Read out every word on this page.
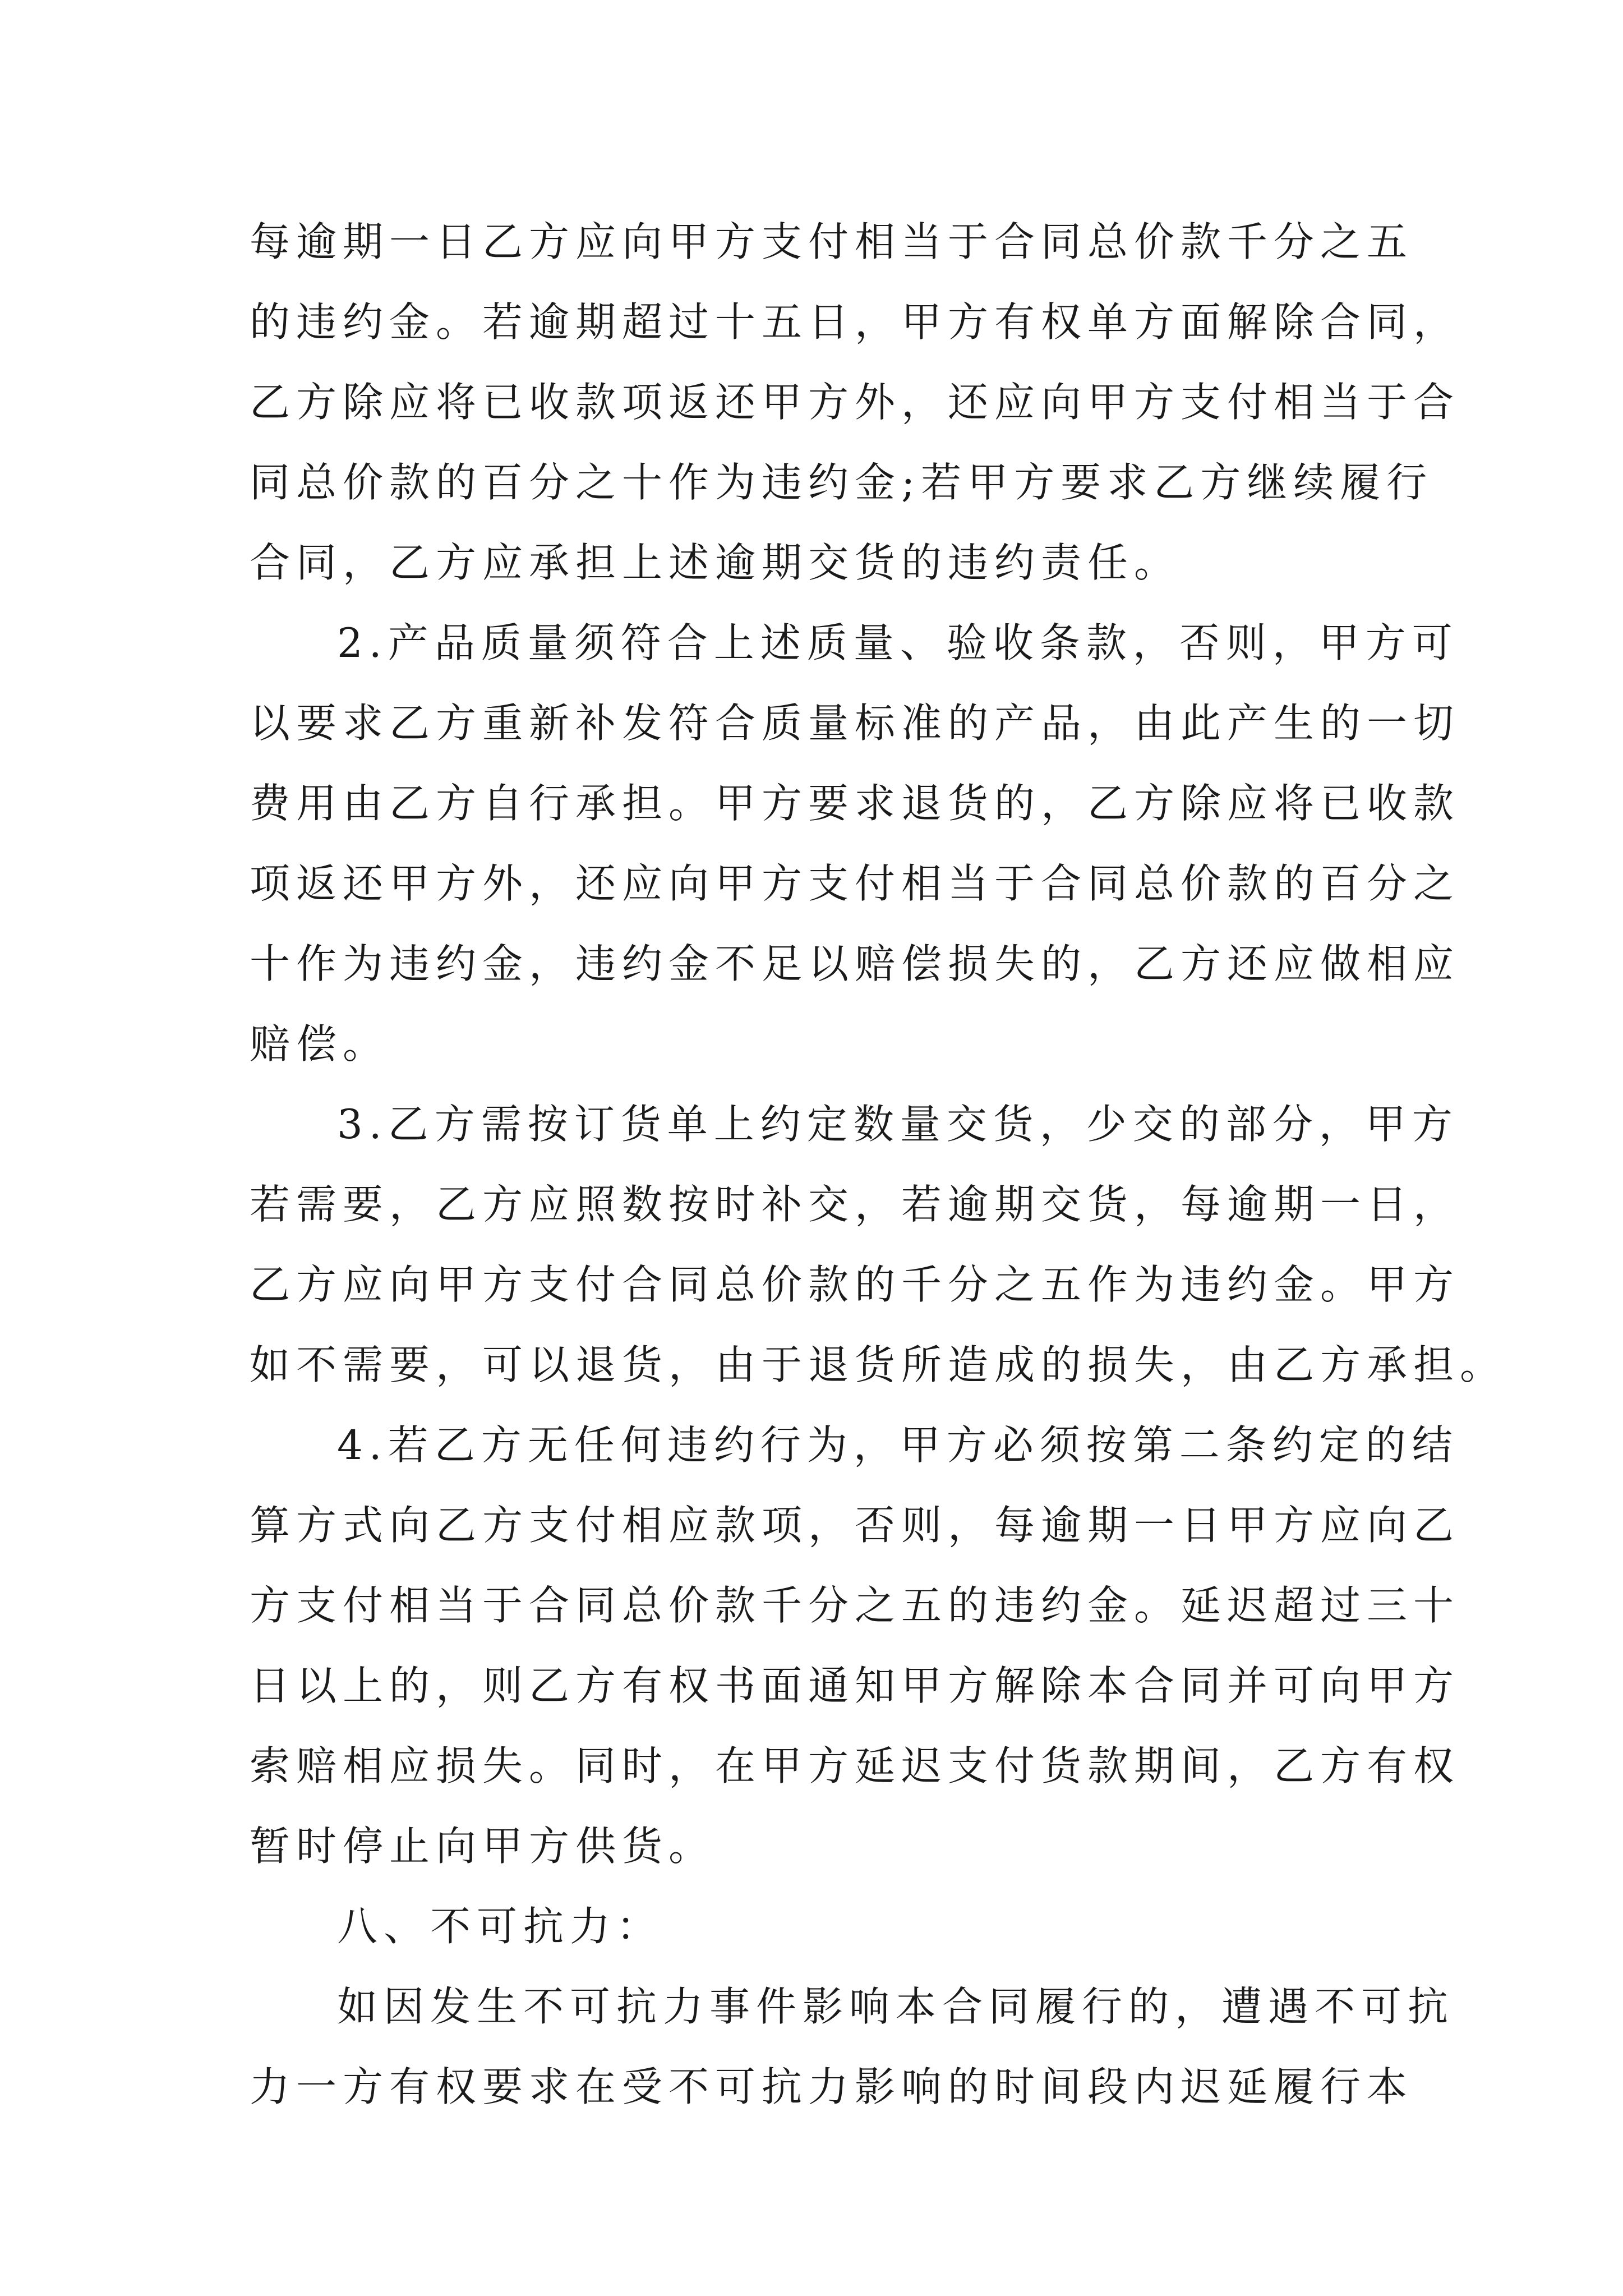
每逾期一日乙方应向甲方支付相当于合同总价款千分之五
的违约金。若逾期超过十五日，甲方有权单方面解除合同，
乙方除应将已收款项返还甲方外，还应向甲方支付相当于合
同总价款的百分之十作为违约金;若甲方要求乙方继续履行
合同，乙方应承担上述逾期交货的违约责任。

2.产品质量须符合上述质量、验收条款，否则，甲方可
以要求乙方重新补发符合质量标准的产品，由此产生的一切
费用由乙方自行承担。甲方要求退货的，乙方除应将已收款
项返还甲方外，还应向甲方支付相当于合同总价款的百分之
十作为违约金，违约金不足以赔偿损失的，乙方还应做相应
赔偿。

3.乙方需按订货单上约定数量交货，少交的部分，甲方
若需要，乙方应照数按时补交，若逾期交货，每逾期一日，
乙方应向甲方支付合同总价款的千分之五作为违约金。甲方
如不需要，可以退货，由于退货所造成的损失，由乙方承担。

4.若乙方无任何违约行为，甲方必须按第二条约定的结
算方式向乙方支付相应款项，否则，每逾期一日甲方应向乙
方支付相当于合同总价款千分之五的违约金。延迟超过三十
日以上的，则乙方有权书面通知甲方解除本合同并可向甲方
索赔相应损失。同时，在甲方延迟支付货款期间，乙方有权
暂时停止向甲方供货。

八、不可抗力：

如因发生不可抗力事件影响本合同履行的，遭遇不可抗
力一方有权要求在受不可抗力影响的时间段内迟延履行本
